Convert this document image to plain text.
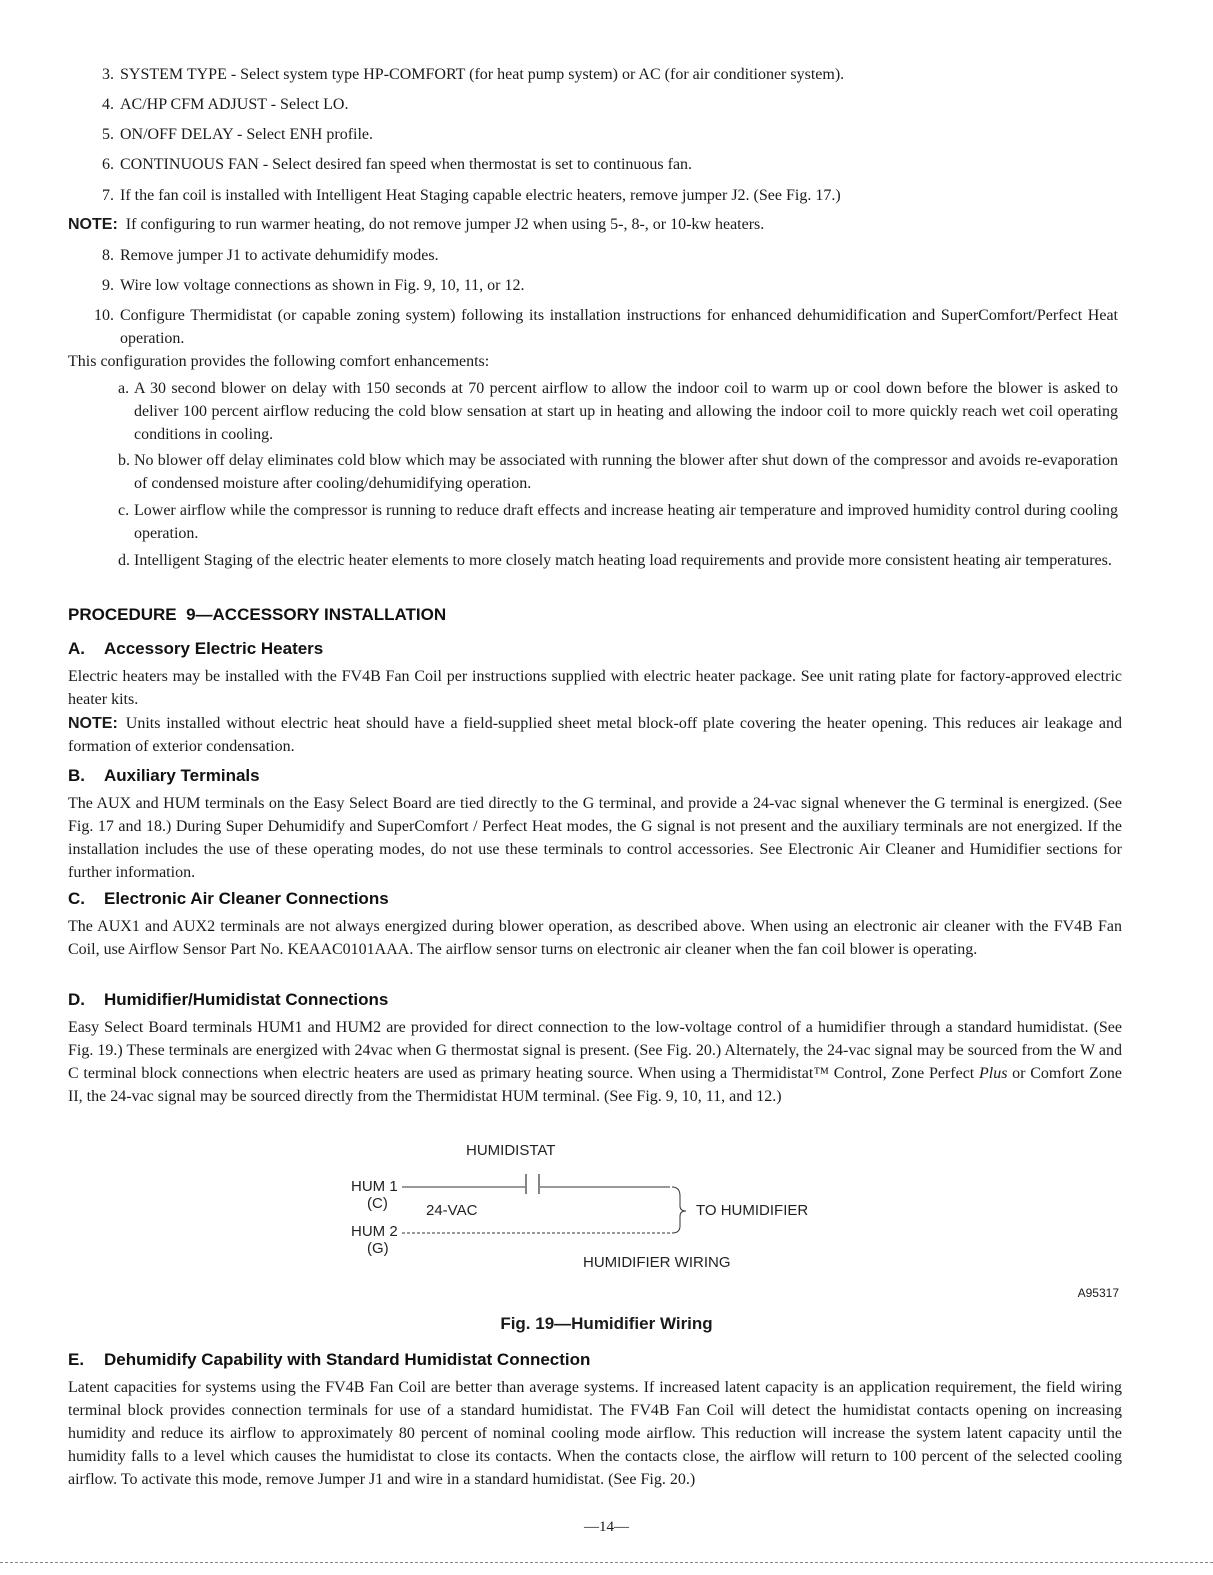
3. SYSTEM TYPE - Select system type HP-COMFORT (for heat pump system) or AC (for air conditioner system).
4. AC/HP CFM ADJUST - Select LO.
5. ON/OFF DELAY - Select ENH profile.
6. CONTINUOUS FAN - Select desired fan speed when thermostat is set to continuous fan.
7. If the fan coil is installed with Intelligent Heat Staging capable electric heaters, remove jumper J2. (See Fig. 17.)
NOTE: If configuring to run warmer heating, do not remove jumper J2 when using 5-, 8-, or 10-kw heaters.
8. Remove jumper J1 to activate dehumidify modes.
9. Wire low voltage connections as shown in Fig. 9, 10, 11, or 12.
10. Configure Thermidistat (or capable zoning system) following its installation instructions for enhanced dehumidification and SuperComfort/Perfect Heat operation.
This configuration provides the following comfort enhancements:
a. A 30 second blower on delay with 150 seconds at 70 percent airflow to allow the indoor coil to warm up or cool down before the blower is asked to deliver 100 percent airflow reducing the cold blow sensation at start up in heating and allowing the indoor coil to more quickly reach wet coil operating conditions in cooling.
b. No blower off delay eliminates cold blow which may be associated with running the blower after shut down of the compressor and avoids re-evaporation of condensed moisture after cooling/dehumidifying operation.
c. Lower airflow while the compressor is running to reduce draft effects and increase heating air temperature and improved humidity control during cooling operation.
d. Intelligent Staging of the electric heater elements to more closely match heating load requirements and provide more consistent heating air temperatures.
PROCEDURE  9—ACCESSORY INSTALLATION
A. Accessory Electric Heaters
Electric heaters may be installed with the FV4B Fan Coil per instructions supplied with electric heater package. See unit rating plate for factory-approved electric heater kits.
NOTE: Units installed without electric heat should have a field-supplied sheet metal block-off plate covering the heater opening. This reduces air leakage and formation of exterior condensation.
B. Auxiliary Terminals
The AUX and HUM terminals on the Easy Select Board are tied directly to the G terminal, and provide a 24-vac signal whenever the G terminal is energized. (See Fig. 17 and 18.) During Super Dehumidify and SuperComfort / Perfect Heat modes, the G signal is not present and the auxiliary terminals are not energized. If the installation includes the use of these operating modes, do not use these terminals to control accessories. See Electronic Air Cleaner and Humidifier sections for further information.
C. Electronic Air Cleaner Connections
The AUX1 and AUX2 terminals are not always energized during blower operation, as described above. When using an electronic air cleaner with the FV4B Fan Coil, use Airflow Sensor Part No. KEAAC0101AAA. The airflow sensor turns on electronic air cleaner when the fan coil blower is operating.
D. Humidifier/Humidistat Connections
Easy Select Board terminals HUM1 and HUM2 are provided for direct connection to the low-voltage control of a humidifier through a standard humidistat. (See Fig. 19.) These terminals are energized with 24vac when G thermostat signal is present. (See Fig. 20.) Alternately, the 24-vac signal may be sourced from the W and C terminal block connections when electric heaters are used as primary heating source. When using a Thermidistat™ Control, Zone Perfect Plus or Comfort Zone II, the 24-vac signal may be sourced directly from the Thermidistat HUM terminal. (See Fig. 9, 10, 11, and 12.)
HUMIDISTAT
HUM 1
(C)	24-VAC
HUM 2
(G)
TO HUMIDIFIER
HUMIDIFIER WIRING
A95317
Fig. 19—Humidifier Wiring
E. Dehumidify Capability with Standard Humidistat Connection
Latent capacities for systems using the FV4B Fan Coil are better than average systems. If increased latent capacity is an application requirement, the field wiring terminal block provides connection terminals for use of a standard humidistat. The FV4B Fan Coil will detect the humidistat contacts opening on increasing humidity and reduce its airflow to approximately 80 percent of nominal cooling mode airflow. This reduction will increase the system latent capacity until the humidity falls to a level which causes the humidistat to close its contacts. When the contacts close, the airflow will return to 100 percent of the selected cooling airflow. To activate this mode, remove Jumper J1 and wire in a standard humidistat. (See Fig. 20.)
—14—
